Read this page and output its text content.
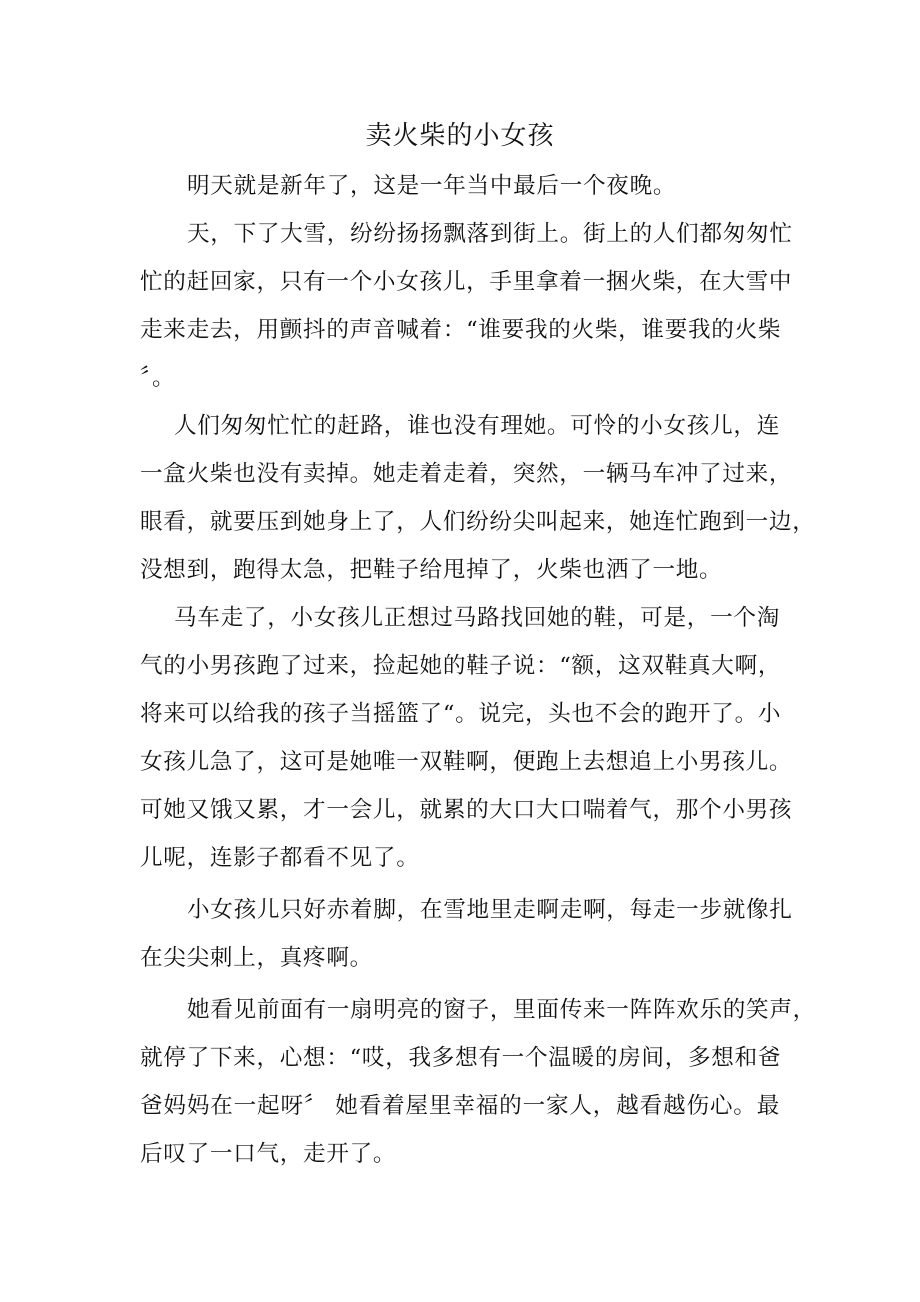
卖火柴的小女孩
明天就是新年了，这是一年当中最后一个夜晚。
天，下了大雪，纷纷扬扬飘落到街上。街上的人们都匆匆忙
忙的赶回家，只有一个小女孩儿，手里拿着一捆火柴，在大雪中
走来走去，用颤抖的声音喊着：“谁要我的火柴，谁要我的火柴
〞。
人们匆匆忙忙的赶路，谁也没有理她。可怜的小女孩儿，连
一盒火柴也没有卖掉。她走着走着，突然，一辆马车冲了过来，
眼看，就要压到她身上了，人们纷纷尖叫起来，她连忙跑到一边，
没想到，跑得太急，把鞋子给甩掉了，火柴也洒了一地。
马车走了，小女孩儿正想过马路找回她的鞋，可是，一个淘
气的小男孩跑了过来，捡起她的鞋子说：“额，这双鞋真大啊，
将来可以给我的孩子当摇篮了“。说完，头也不会的跑开了。小
女孩儿急了，这可是她唯一双鞋啊，便跑上去想追上小男孩儿。
可她又饿又累，才一会儿，就累的大口大口喘着气，那个小男孩
儿呢，连影子都看不见了。
小女孩儿只好赤着脚，在雪地里走啊走啊，每走一步就像扎
在尖尖刺上，真疼啊。
她看见前面有一扇明亮的窗子，里面传来一阵阵欢乐的笑声，
就停了下来，心想：“哎，我多想有一个温暖的房间，多想和爸
爸妈妈在一起呀〞 她看着屋里幸福的一家人，越看越伤心。最
后叹了一口气，走开了。
